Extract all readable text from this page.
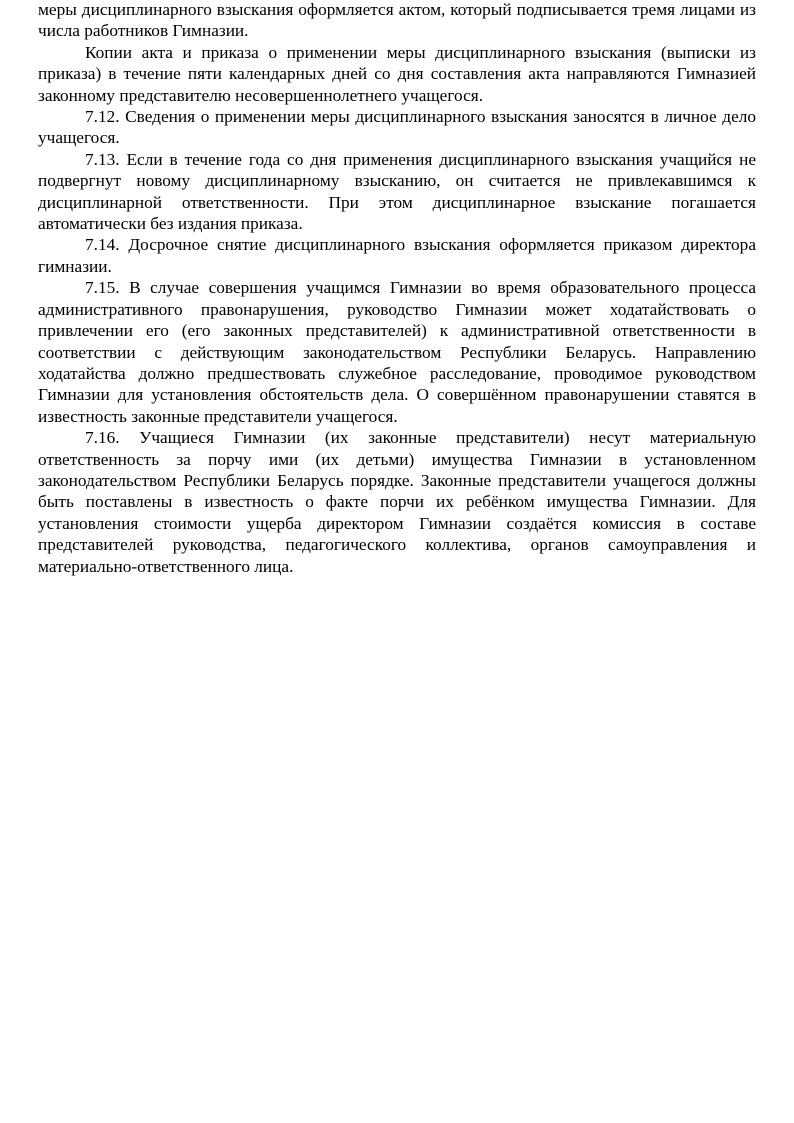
меры дисциплинарного взыскания оформляется актом, который подписывается тремя лицами из числа работников Гимназии.

Копии акта и приказа о применении меры дисциплинарного взыскания (выписки из приказа) в течение пяти календарных дней со дня составления акта направляются Гимназией законному представителю несовершеннолетнего учащегося.

7.12. Сведения о применении меры дисциплинарного взыскания заносятся в личное дело учащегося.

7.13. Если в течение года со дня применения дисциплинарного взыскания учащийся не подвергнут новому дисциплинарному взысканию, он считается не привлекавшимся к дисциплинарной ответственности. При этом дисциплинарное взыскание погашается автоматически без издания приказа.

7.14. Досрочное снятие дисциплинарного взыскания оформляется приказом директора гимназии.

7.15. В случае совершения учащимся Гимназии во время образовательного процесса административного правонарушения, руководство Гимназии может ходатайствовать о привлечении его (его законных представителей) к административной ответственности в соответствии с действующим законодательством Республики Беларусь. Направлению ходатайства должно предшествовать служебное расследование, проводимое руководством Гимназии для установления обстоятельств дела. О совершённом правонарушении ставятся в известность законные представители учащегося.

7.16. Учащиеся Гимназии (их законные представители) несут материальную ответственность за порчу ими (их детьми) имущества Гимназии в установленном законодательством Республики Беларусь порядке. Законные представители учащегося должны быть поставлены в известность о факте порчи их ребёнком имущества Гимназии. Для установления стоимости ущерба директором Гимназии создаётся комиссия в составе представителей руководства, педагогического коллектива, органов самоуправления и материально-ответственного лица.
